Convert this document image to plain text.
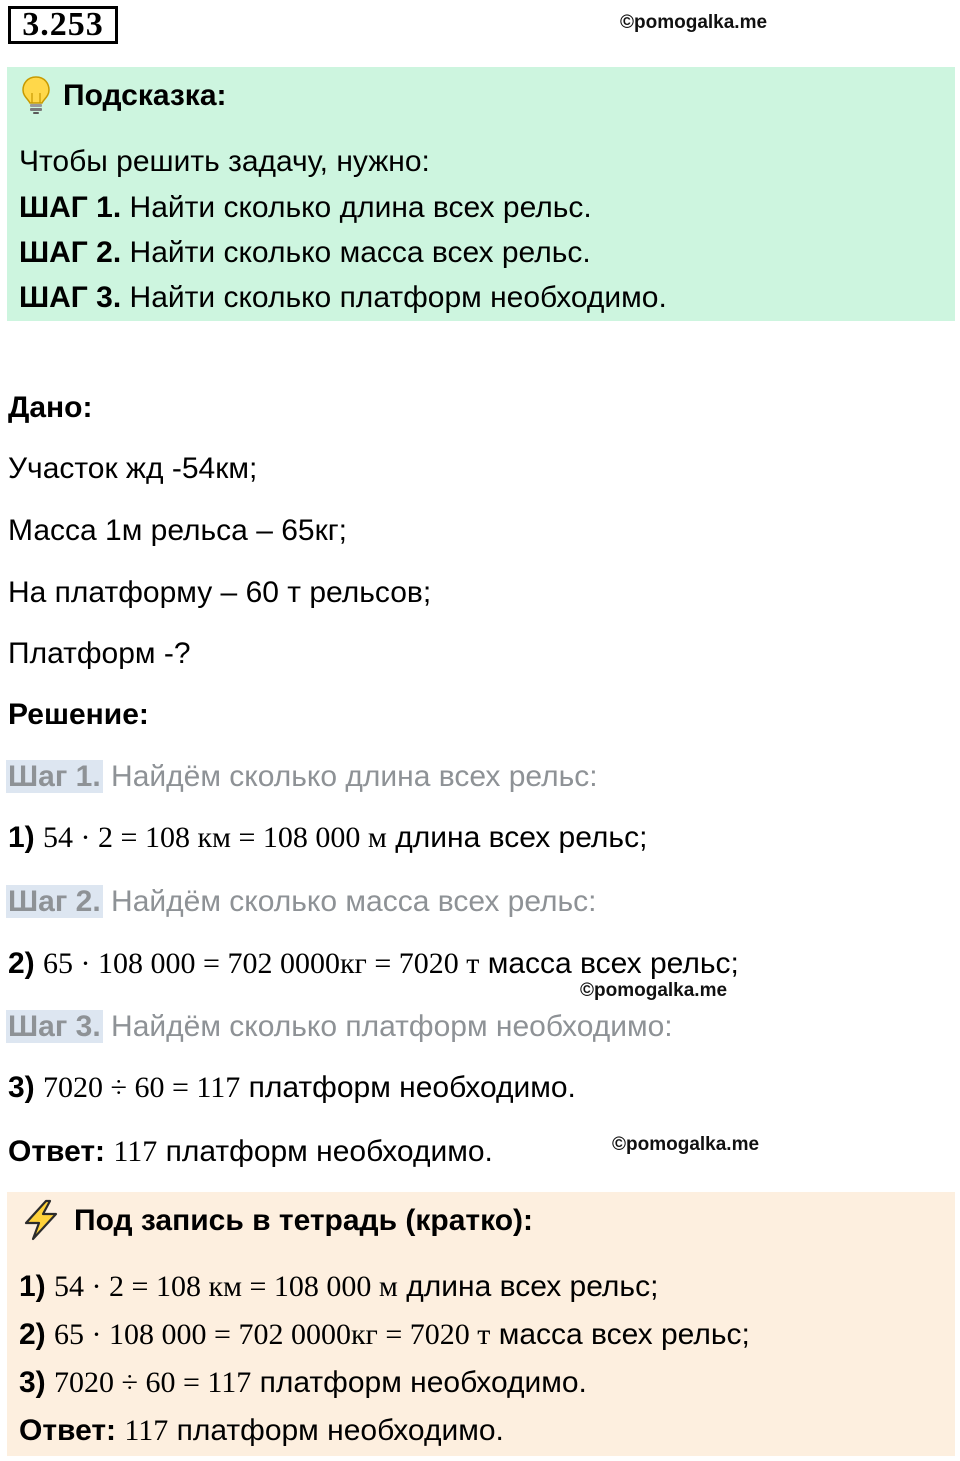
3.253	©pomogalka.me
Подсказка:
Чтобы решить задачу, нужно:
ШАГ 1. Найти сколько длина всех рельс.
ШАГ 2. Найти сколько масса всех рельс.
ШАГ 3. Найти сколько платформ необходимо.
Дано:
Участок жд -54км;
Масса 1м рельса – 65кг;
На платформу – 60 т рельсов;
Платформ -?
Решение:
Шаг 1. Найдём сколько длина всех рельс:
1) 54 · 2 = 108 км = 108 000 м длина всех рельс;
Шаг 2. Найдём сколько масса всех рельс:
2) 65 · 108 000 = 702 0000кг = 7020 т масса всех рельс;
©pomogalka.me
Шаг 3. Найдём сколько платформ необходимо:
3) 7020 ÷ 60 = 117 платформ необходимо.
Ответ: 117 платформ необходимо.	©pomogalka.me
Под запись в тетрадь (кратко):
1) 54 · 2 = 108 км = 108 000 м длина всех рельс;
2) 65 · 108 000 = 702 0000кг = 7020 т масса всех рельс;
3) 7020 ÷ 60 = 117 платформ необходимо.
Ответ: 117 платформ необходимо.
